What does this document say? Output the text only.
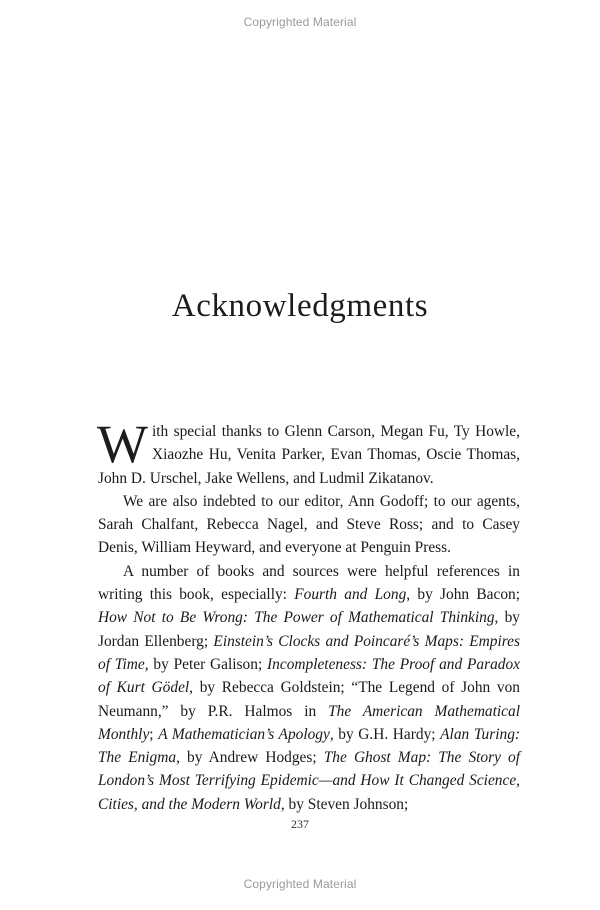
Copyrighted Material
Acknowledgments

With special thanks to Glenn Carson, Megan Fu, Ty Howle, Xiaozhe Hu, Venita Parker, Evan Thomas, Oscie Thomas, John D. Urschel, Jake Wellens, and Ludmil Zikatanov.

We are also indebted to our editor, Ann Godoff; to our agents, Sarah Chalfant, Rebecca Nagel, and Steve Ross; and to Casey Denis, William Heyward, and everyone at Penguin Press.

A number of books and sources were helpful references in writing this book, especially: Fourth and Long, by John Bacon; How Not to Be Wrong: The Power of Mathematical Thinking, by Jordan Ellenberg; Einstein’s Clocks and Poincaré’s Maps: Empires of Time, by Peter Galison; Incompleteness: The Proof and Paradox of Kurt Gödel, by Rebecca Goldstein; “The Legend of John von Neumann,” by P.R. Halmos in The American Mathematical Monthly; A Mathematician’s Apology, by G.H. Hardy; Alan Turing: The Enigma, by Andrew Hodges; The Ghost Map: The Story of London’s Most Terrifying Epidemic—and How It Changed Science, Cities, and the Modern World, by Steven Johnson;

237
Copyrighted Material
